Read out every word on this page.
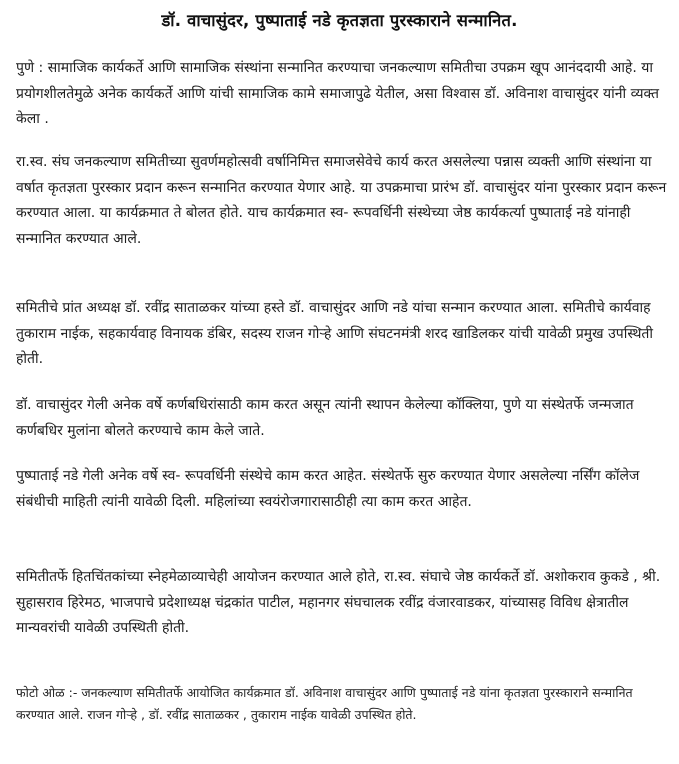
डॉ. वाचासुंदर, पुष्पाताई नडे कृतज्ञता पुरस्काराने सन्मानित.

पुणे : सामाजिक कार्यकर्ते आणि सामाजिक संस्थांना सन्मानित करण्याचा जनकल्याण समितीचा उपक्रम खूप आनंददायी आहे. या प्रयोगशीलतेमुळे अनेक कार्यकर्ते आणि यांची सामाजिक कामे समाजापुढे येतील, असा विश्वास डॉ. अविनाश वाचासुंदर यांनी व्यक्त केला .

रा.स्व. संघ जनकल्याण समितीच्या सुवर्णमहोत्सवी वर्षानिमित्त समाजसेवेचे कार्य करत असलेल्या पन्नास व्यक्ती आणि संस्थांना या वर्षात कृतज्ञता पुरस्कार प्रदान करून सन्मानित करण्यात येणार आहे. या उपक्रमाचा प्रारंभ डॉ. वाचासुंदर यांना पुरस्कार प्रदान करून करण्यात आला. या कार्यक्रमात ते बोलत होते. याच कार्यक्रमात स्व- रूपवर्धिनी संस्थेच्या जेष्ठ कार्यकर्त्या पुष्पाताई नडे यांनाही सन्मानित करण्यात आले.

समितीचे प्रांत अध्यक्ष डॉ. रवींद्र साताळकर यांच्या हस्ते डॉ. वाचासुंदर आणि नडे यांचा सन्मान करण्यात आला. समितीचे कार्यवाह तुकाराम नाईक, सहकार्यवाह विनायक डंबिर, सदस्य राजन गोऱ्हे आणि संघटनमंत्री शरद खाडिलकर यांची यावेळी प्रमुख उपस्थिती होती.

डॉ. वाचासुंदर गेली अनेक वर्षे कर्णबधिरांसाठी काम करत असून त्यांनी स्थापन केलेल्या कॉक्लिया, पुणे या संस्थेतर्फे जन्मजात कर्णबधिर मुलांना बोलते करण्याचे काम केले जाते.

पुष्पाताई नडे गेली अनेक वर्षे स्व- रूपवर्धिनी संस्थेचे काम करत आहेत. संस्थेतर्फे सुरु करण्यात येणार असलेल्या नर्सिंग कॉलेज संबंधीची माहिती त्यांनी यावेळी दिली. महिलांच्या स्वयंरोजगारासाठीही त्या काम करत आहेत.

समितीतर्फे हितचिंतकांच्या स्नेहमेळाव्याचेही आयोजन करण्यात आले होते, रा.स्व. संघाचे जेष्ठ कार्यकर्ते डॉ. अशोकराव कुकडे , श्री. सुहासराव हिरेमठ, भाजपाचे प्रदेशाध्यक्ष चंद्रकांत पाटील, महानगर संघचालक रवींद्र वंजारवाडकर, यांच्यासह विविध क्षेत्रातील मान्यवरांची यावेळी उपस्थिती होती.

फोटो ओळ :- जनकल्याण समितीतर्फे आयोजित कार्यक्रमात डॉ. अविनाश वाचासुंदर आणि पुष्पाताई नडे यांना कृतज्ञता पुरस्काराने सन्मानित करण्यात आले. राजन गोऱ्हे , डॉ. रवींद्र साताळकर , तुकाराम नाईक यावेळी उपस्थित होते.
